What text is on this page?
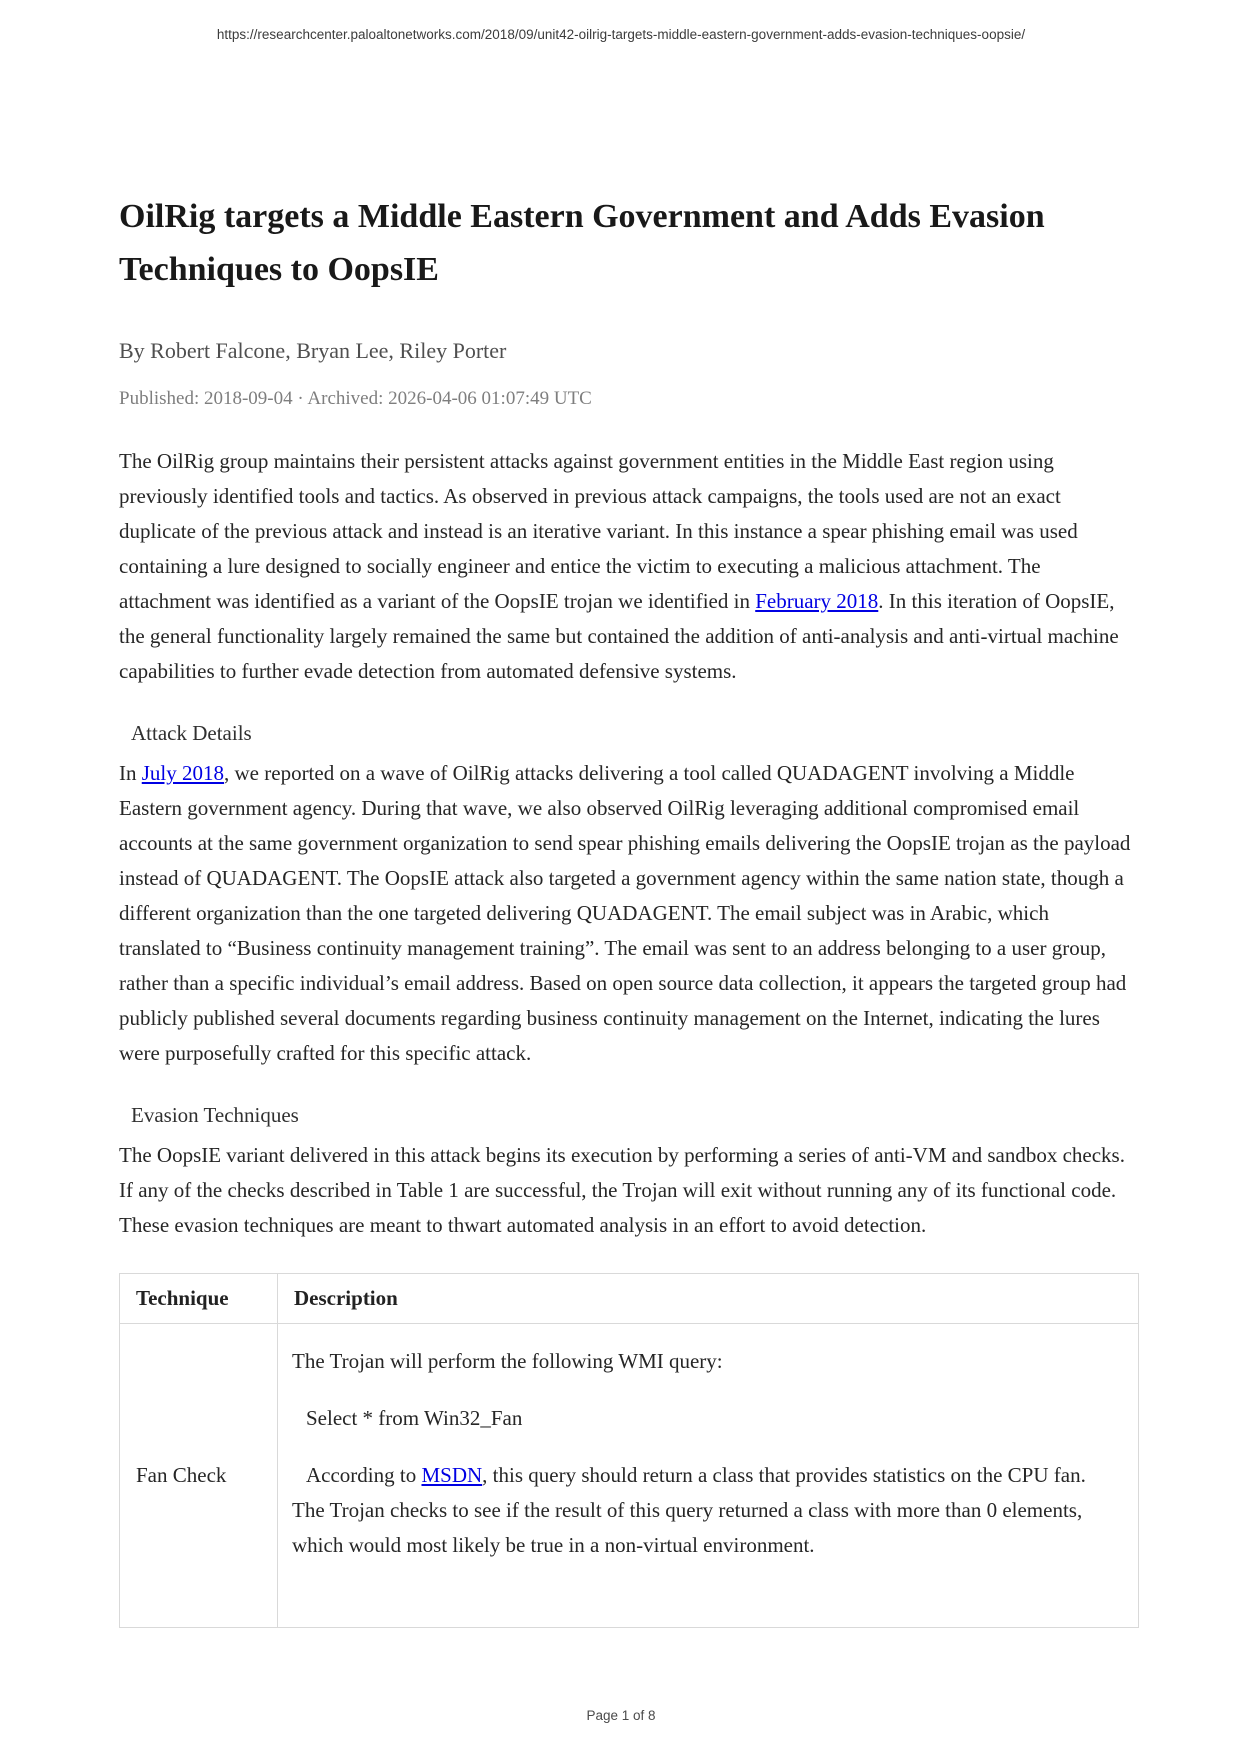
https://researchcenter.paloaltonetworks.com/2018/09/unit42-oilrig-targets-middle-eastern-government-adds-evasion-techniques-oopsie/
OilRig targets a Middle Eastern Government and Adds Evasion Techniques to OopsIE
By Robert Falcone, Bryan Lee, Riley Porter
Published: 2018-09-04 · Archived: 2026-04-06 01:07:49 UTC

The OilRig group maintains their persistent attacks against government entities in the Middle East region using previously identified tools and tactics. As observed in previous attack campaigns, the tools used are not an exact duplicate of the previous attack and instead is an iterative variant. In this instance a spear phishing email was used containing a lure designed to socially engineer and entice the victim to executing a malicious attachment. The attachment was identified as a variant of the OopsIE trojan we identified in February 2018. In this iteration of OopsIE, the general functionality largely remained the same but contained the addition of anti-analysis and anti-virtual machine capabilities to further evade detection from automated defensive systems.

Attack Details

In July 2018, we reported on a wave of OilRig attacks delivering a tool called QUADAGENT involving a Middle Eastern government agency. During that wave, we also observed OilRig leveraging additional compromised email accounts at the same government organization to send spear phishing emails delivering the OopsIE trojan as the payload instead of QUADAGENT. The OopsIE attack also targeted a government agency within the same nation state, though a different organization than the one targeted delivering QUADAGENT. The email subject was in Arabic, which translated to “Business continuity management training”. The email was sent to an address belonging to a user group, rather than a specific individual’s email address. Based on open source data collection, it appears the targeted group had publicly published several documents regarding business continuity management on the Internet, indicating the lures were purposefully crafted for this specific attack.

Evasion Techniques

The OopsIE variant delivered in this attack begins its execution by performing a series of anti-VM and sandbox checks. If any of the checks described in Table 1 are successful, the Trojan will exit without running any of its functional code. These evasion techniques are meant to thwart automated analysis in an effort to avoid detection.

Technique	Description
Fan Check	The Trojan will perform the following WMI query:

Select * from Win32_Fan

According to MSDN, this query should return a class that provides statistics on the CPU fan. The Trojan checks to see if the result of this query returned a class with more than 0 elements, which would most likely be true in a non-virtual environment.

Page 1 of 8
